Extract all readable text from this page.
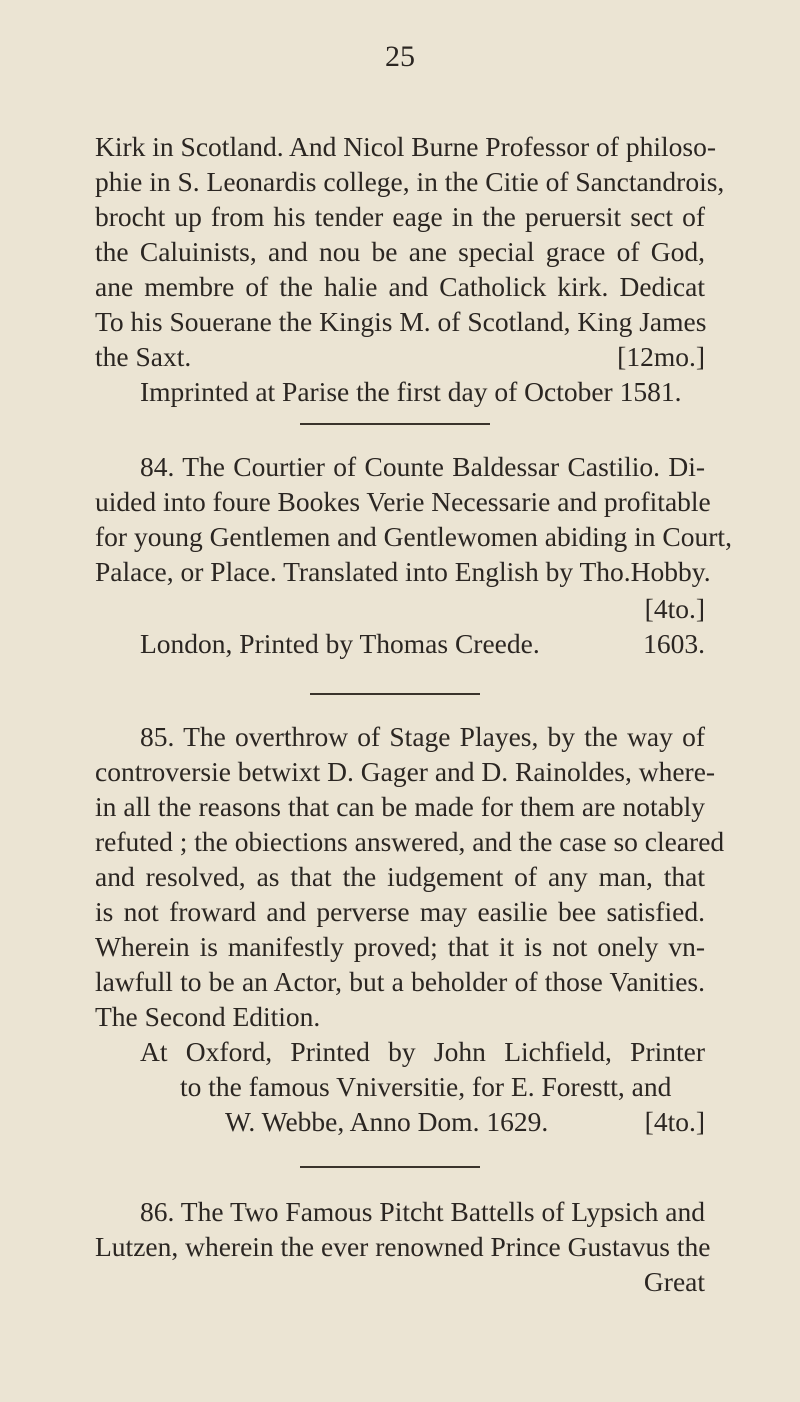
25
Kirk in Scotland. And Nicol Burne Professor of philoso-
phie in S. Leonardis college, in the Citie of Sanctandrois,
brocht up from his tender eage in the peruersit sect of
the Caluinists, and nou be ane special grace of God,
ane membre of the halie and Catholick kirk. Dedicat
To his Souerane the Kingis M. of Scotland, King James
the Saxt.	[12mo.]
Imprinted at Parise the first day of October 1581.
84. The Courtier of Counte Baldessar Castilio. Di-
uided into foure Bookes Verie Necessarie and profitable
for young Gentlemen and Gentlewomen abiding in Court,
Palace, or Place. Translated into English by Tho.Hobby.
[4to.]
London, Printed by Thomas Creede.	1603.
85. The overthrow of Stage Playes, by the way of
controversie betwixt D. Gager and D. Rainoldes, where-
in all the reasons that can be made for them are notably
refuted ; the obiections answered, and the case so cleared
and resolved, as that the iudgement of any man, that
is not froward and perverse may easilie bee satisfied.
Wherein is manifestly proved; that it is not onely vn-
lawfull to be an Actor, but a beholder of those Vanities.
The Second Edition.
At Oxford, Printed by John Lichfield, Printer
to the famous Vniversitie, for E. Forestt, and
W. Webbe, Anno Dom. 1629.	[4to.]
86. The Two Famous Pitcht Battells of Lypsich and
Lutzen, wherein the ever renowned Prince Gustavus the
Great
